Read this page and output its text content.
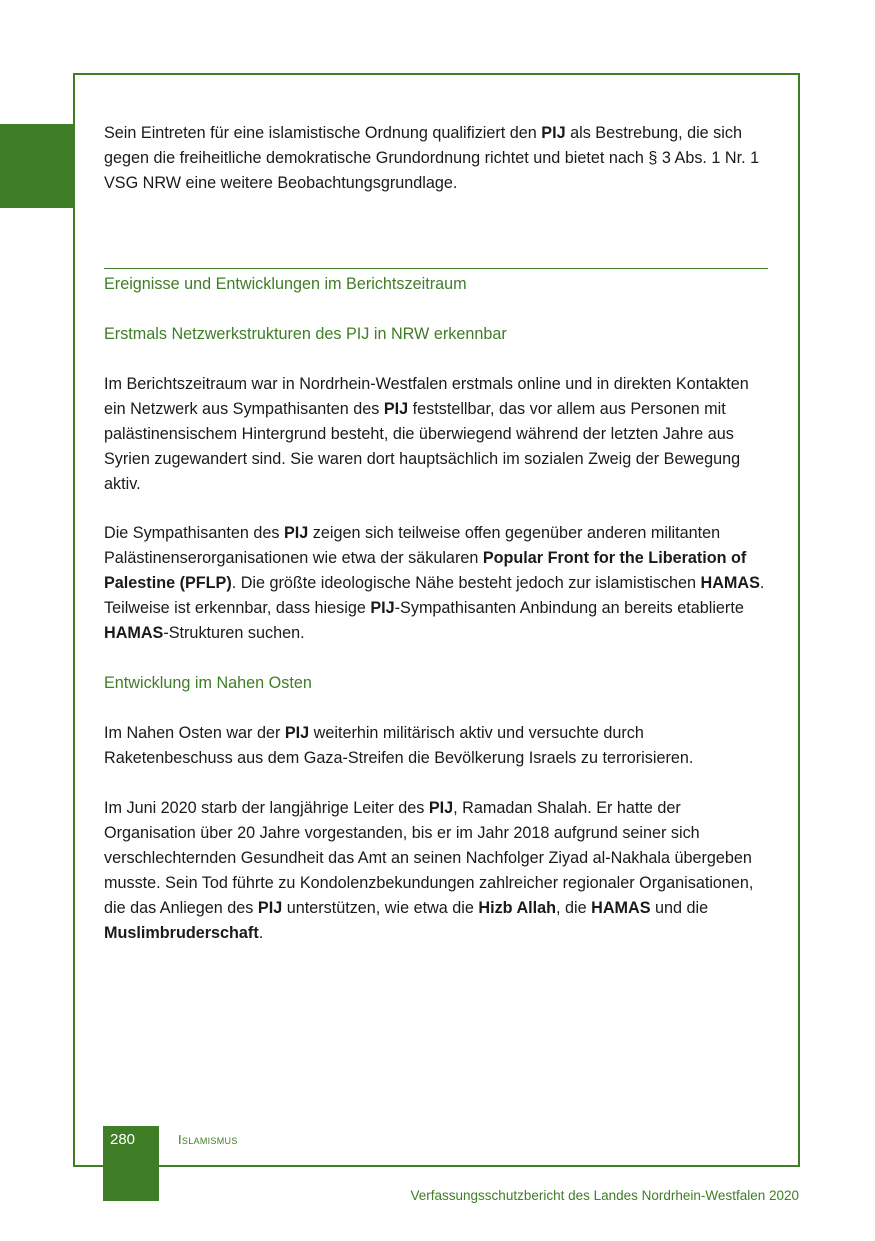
Sein Eintreten für eine islamistische Ordnung qualifiziert den PIJ als Bestrebung, die sich gegen die freiheitliche demokratische Grundordnung richtet und bietet nach § 3 Abs. 1 Nr. 1 VSG NRW eine weitere Beobachtungsgrundlage.

Ereignisse und Entwicklungen im Berichtszeitraum
Erstmals Netzwerkstrukturen des PIJ in NRW erkennbar

Im Berichtszeitraum war in Nordrhein-Westfalen erstmals online und in direkten Kontakten ein Netzwerk aus Sympathisanten des PIJ feststellbar, das vor allem aus Personen mit palästinensischem Hintergrund besteht, die überwiegend während der letzten Jahre aus Syrien zugewandert sind. Sie waren dort hauptsächlich im sozialen Zweig der Bewegung aktiv.

Die Sympathisanten des PIJ zeigen sich teilweise offen gegenüber anderen militanten Palästinenserorganisationen wie etwa der säkularen Popular Front for the Liberation of Palestine (PFLP). Die größte ideologische Nähe besteht jedoch zur islamistischen HAMAS. Teilweise ist erkennbar, dass hiesige PIJ-Sympathisanten Anbindung an bereits etablierte HAMAS-Strukturen suchen.

Entwicklung im Nahen Osten

Im Nahen Osten war der PIJ weiterhin militärisch aktiv und versuchte durch Raketenbeschuss aus dem Gaza-Streifen die Bevölkerung Israels zu terrorisieren.

Im Juni 2020 starb der langjährige Leiter des PIJ, Ramadan Shalah. Er hatte der Organisation über 20 Jahre vorgestanden, bis er im Jahr 2018 aufgrund seiner sich verschlechternden Gesundheit das Amt an seinen Nachfolger Ziyad al-Nakhala übergeben musste. Sein Tod führte zu Kondolenzbekundungen zahlreicher regionaler Organisationen, die das Anliegen des PIJ unterstützen, wie etwa die Hizb Allah, die HAMAS und die Muslimbruderschaft.

280	Islamismus
Verfassungsschutzbericht des Landes Nordrhein-Westfalen 2020
